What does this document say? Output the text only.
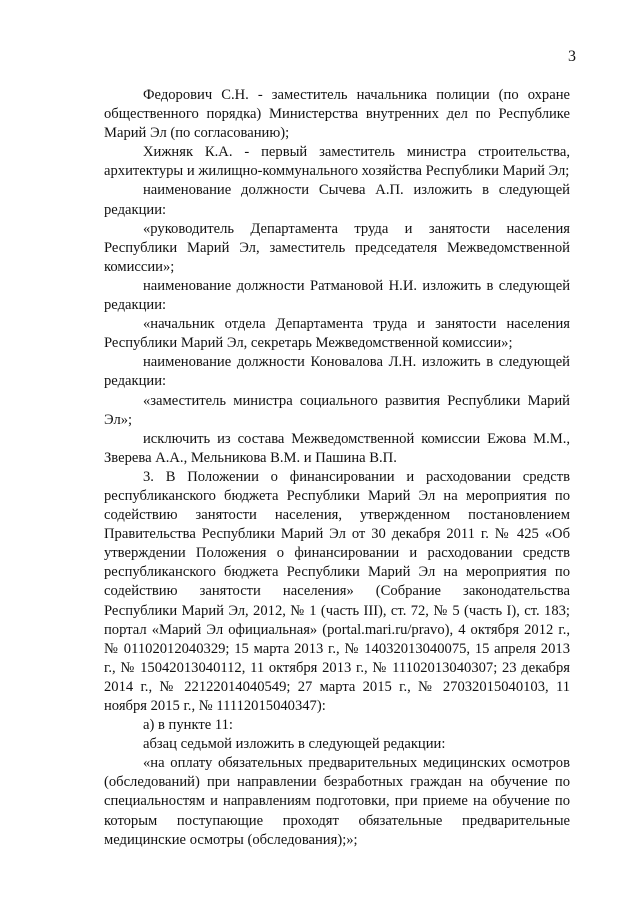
3

Федорович С.Н. - заместитель начальника полиции (по охране общественного порядка) Министерства внутренних дел по Республике Марий Эл (по согласованию);

Хижняк К.А. - первый заместитель министра строительства, архитектуры и жилищно-коммунального хозяйства Республики Марий Эл;

наименование должности Сычева А.П. изложить в следующей редакции:

«руководитель Департамента труда и занятости населения Республики Марий Эл, заместитель председателя Межведомственной комиссии»;

наименование должности Ратмановой Н.И. изложить в следующей редакции:

«начальник отдела Департамента труда и занятости населения Республики Марий Эл, секретарь Межведомственной комиссии»;

наименование должности Коновалова Л.Н. изложить в следующей редакции:

«заместитель министра социального развития Республики Марий Эл»;

исключить из состава Межведомственной комиссии Ежова М.М., Зверева А.А., Мельникова В.М. и Пашина В.П.

3. В Положении о финансировании и расходовании средств республиканского бюджета Республики Марий Эл на мероприятия по содействию занятости населения, утвержденном постановлением Правительства Республики Марий Эл от 30 декабря 2011 г. № 425 «Об утверждении Положения о финансировании и расходовании средств республиканского бюджета Республики Марий Эл на мероприятия по содействию занятости населения» (Собрание законодательства Республики Марий Эл, 2012, № 1 (часть III), ст. 72, № 5 (часть I), ст. 183; портал «Марий Эл официальная» (portal.mari.ru/pravo), 4 октября 2012 г., № 01102012040329; 15 марта 2013 г., № 14032013040075, 15 апреля 2013 г., № 15042013040112, 11 октября 2013 г., № 11102013040307; 23 декабря 2014 г., № 22122014040549; 27 марта 2015 г., № 27032015040103, 11 ноября 2015 г., № 11112015040347):

а) в пункте 11:

абзац седьмой изложить в следующей редакции:

«на оплату обязательных предварительных медицинских осмотров (обследований) при направлении безработных граждан на обучение по специальностям и направлениям подготовки, при приеме на обучение по которым поступающие проходят обязательные предварительные медицинские осмотры (обследования);»;
